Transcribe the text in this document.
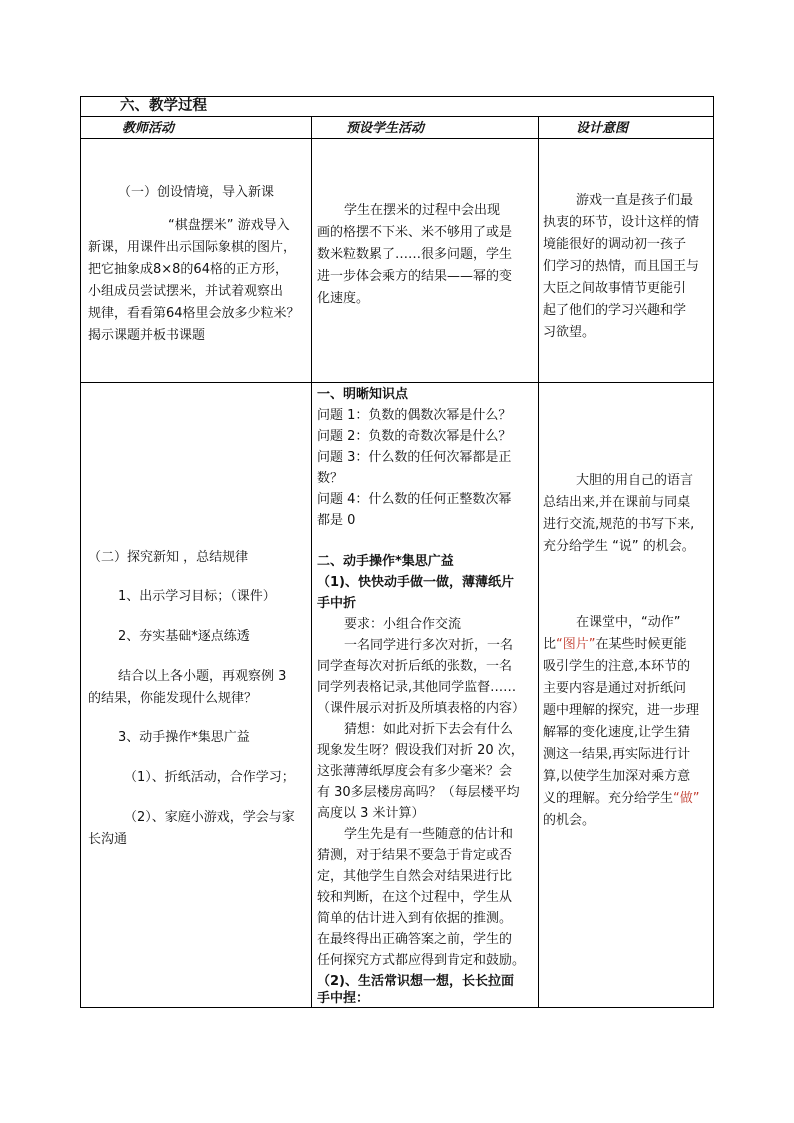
六、教学过程
教师活动	预设学生活动	设计意图
（一）创设情境，导入新课
“棋盘摆米” 游戏导入
新课，用课件出示国际象棋的图片，
把它抽象成8×8的64格的正方形，
小组成员尝试摆米，并试着观察出
规律，看看第64格里会放多少粒米？
揭示课题并板书课题
学生在摆米的过程中会出现
画的格摆不下米、米不够用了或是
数米粒数累了……很多问题，学生
进一步体会乘方的结果——幂的变
化速度。
游戏一直是孩子们最
执衷的环节，设计这样的情
境能很好的调动初一孩子
们学习的热情，而且国王与
大臣之间故事情节更能引
起了他们的学习兴趣和学
习欲望。
（二）探究新知 ，总结规律
1、出示学习目标；（课件）
2、夯实基础*逐点练透
结合以上各小题，再观察例 3
的结果，你能发现什么规律？
3、动手操作*集思广益
（1）、折纸活动，合作学习；
（2）、家庭小游戏，学会与家
长沟通
一、明晰知识点
问题 1：负数的偶数次幂是什么？
问题 2：负数的奇数次幂是什么？
问题 3：什么数的任何次幂都是正
数？
问题 4：什么数的任何正整数次幂
都是 0
二、动手操作*集思广益
（1)、快快动手做一做，薄薄纸片
手中折
要求：小组合作交流
一名同学进行多次对折，一名
同学查每次对折后纸的张数，一名
同学列表格记录,其他同学监督……
（课件展示对折及所填表格的内容）
猜想：如此对折下去会有什么
现象发生呀？假设我们对折 20 次，
这张薄薄纸厚度会有多少毫米？会
有 30多层楼房高吗？（每层楼平均
高度以 3 米计算）
学生先是有一些随意的估计和
猜测，对于结果不要急于肯定或否
定，其他学生自然会对结果进行比
较和判断，在这个过程中，学生从
简单的估计进入到有依据的推测。
在最终得出正确答案之前，学生的
任何探究方式都应得到肯定和鼓励。
（2)、生活常识想一想，长长拉面
手中捏：
大胆的用自己的语言
总结出来,并在课前与同桌
进行交流,规范的书写下来,
充分给学生 “说” 的机会。
在课堂中，“动作”
比“图片”在某些时候更能
吸引学生的注意,本环节的
主要内容是通过对折纸问
题中理解的探究，进一步理
解幂的变化速度,让学生猜
测这一结果,再实际进行计
算,以使学生加深对乘方意
义的理解。充分给学生“做”
的机会。
